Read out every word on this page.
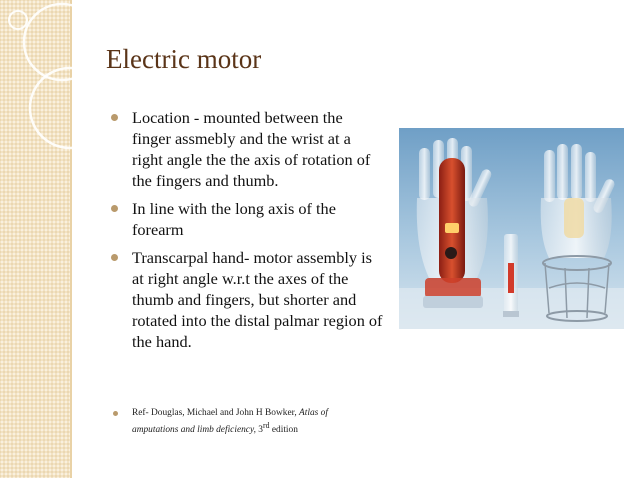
Electric motor
Location - mounted between the finger assmebly and the wrist at a right angle the the axis of rotation of the fingers and thumb.
In line with the long axis of the forearm
Transcarpal hand- motor assembly is at right angle w.r.t the axes of the thumb and fingers, but shorter and rotated into the distal palmar region of the hand.
Ref- Douglas, Michael and John H Bowker, Atlas of amputations and limb deficiency, 3rd edition
